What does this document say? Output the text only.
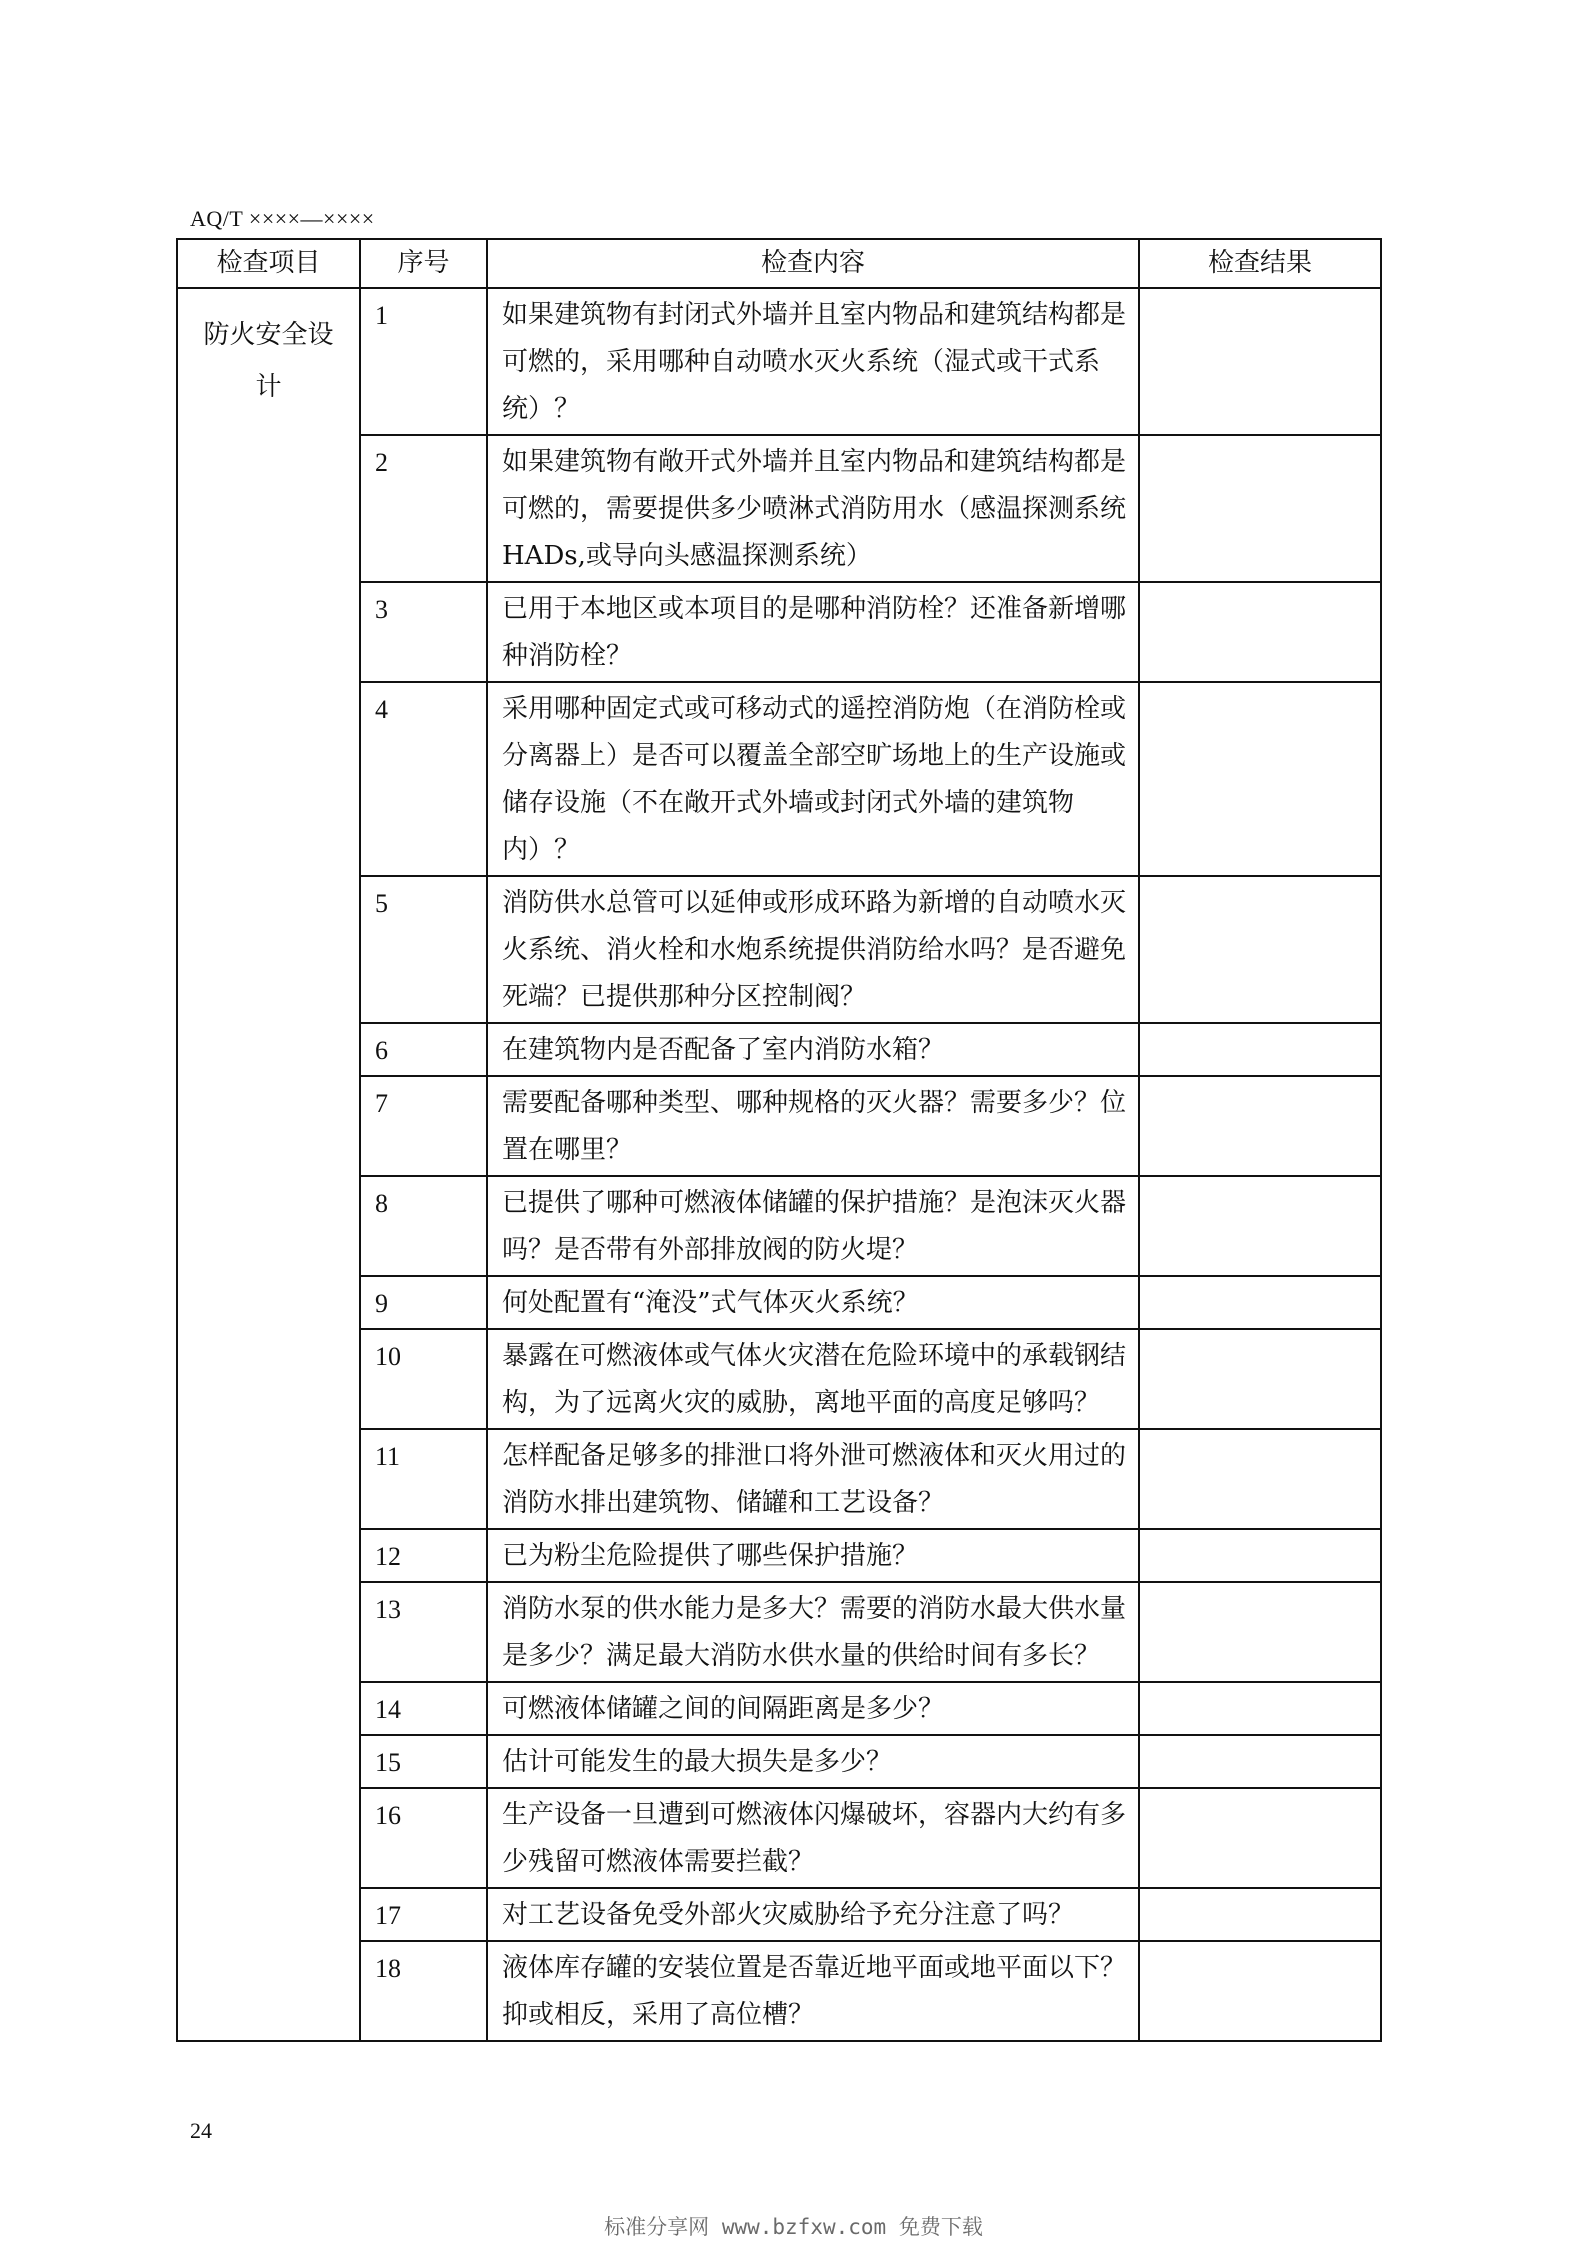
AQ/T ××××—××××
检查项目	序号	检查内容	检查结果
防火安全设计	1	如果建筑物有封闭式外墙并且室内物品和建筑结构都是可燃的，采用哪种自动喷水灭火系统（湿式或干式系统）？	
	2	如果建筑物有敞开式外墙并且室内物品和建筑结构都是可燃的，需要提供多少喷淋式消防用水（感温探测系统 HADs,或导向头感温探测系统）	
	3	已用于本地区或本项目的是哪种消防栓？还准备新增哪种消防栓？	
	4	采用哪种固定式或可移动式的遥控消防炮（在消防栓或分离器上）是否可以覆盖全部空旷场地上的生产设施或储存设施（不在敞开式外墙或封闭式外墙的建筑物内）？	
	5	消防供水总管可以延伸或形成环路为新增的自动喷水灭火系统、消火栓和水炮系统提供消防给水吗？是否避免死端？已提供那种分区控制阀？	
	6	在建筑物内是否配备了室内消防水箱？	
	7	需要配备哪种类型、哪种规格的灭火器？需要多少？位置在哪里？	
	8	已提供了哪种可燃液体储罐的保护措施？是泡沫灭火器吗？是否带有外部排放阀的防火堤？	
	9	何处配置有“淹没”式气体灭火系统？	
	10	暴露在可燃液体或气体火灾潜在危险环境中的承载钢结构，为了远离火灾的威胁，离地平面的高度足够吗？	
	11	怎样配备足够多的排泄口将外泄可燃液体和灭火用过的消防水排出建筑物、储罐和工艺设备？	
	12	已为粉尘危险提供了哪些保护措施？	
	13	消防水泵的供水能力是多大？需要的消防水最大供水量是多少？满足最大消防水供水量的供给时间有多长？	
	14	可燃液体储罐之间的间隔距离是多少？	
	15	估计可能发生的最大损失是多少？	
	16	生产设备一旦遭到可燃液体闪爆破坏，容器内大约有多少残留可燃液体需要拦截？	
	17	对工艺设备免受外部火灾威胁给予充分注意了吗？	
	18	液体库存罐的安装位置是否靠近地平面或地平面以下？抑或相反，采用了高位槽？	
24
标准分享网 www.bzfxw.com 免费下载
